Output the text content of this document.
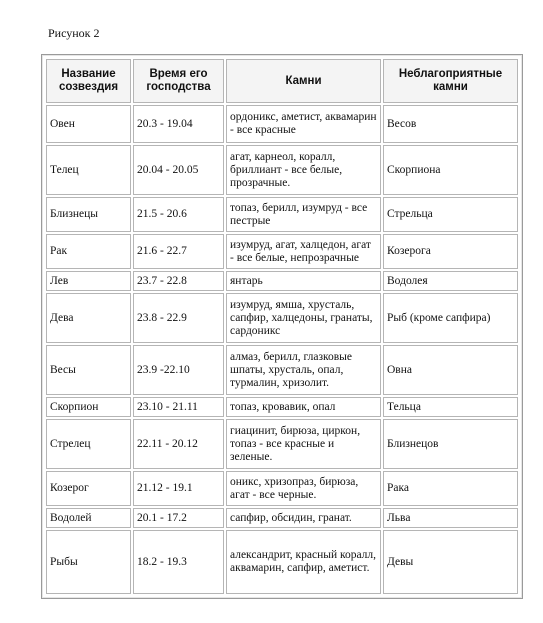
Рисунок 2
Название созвездия	Время его господства	Камни	Неблагоприятные камни
Овен	20.3 - 19.04	ордоникс, аметист, аквамарин - все красные	Весов
Телец	20.04 - 20.05	агат, карнеол, коралл, бриллиант - все белые, прозрачные.	Скорпиона
Близнецы	21.5 - 20.6	топаз, берилл, изумруд - все пестрые	Стрельца
Рак	21.6 - 22.7	изумруд, агат, халцедон, агат - все белые, непрозрачные	Козерога
Лев	23.7 - 22.8	янтарь	Водолея
Дева	23.8 - 22.9	изумруд, ямша, хрусталь, сапфир, халцедоны, гранаты, сардоникс	Рыб (кроме сапфира)
Весы	23.9 -22.10	алмаз, берилл, глазковые шпаты, хрусталь, опал, турмалин, хризолит.	Овна
Скорпион	23.10 - 21.11	топаз, кровавик, опал	Тельца
Стрелец	22.11 - 20.12	гиацинит, бирюза, циркон, топаз - все красные и зеленые.	Близнецов
Козерог	21.12 - 19.1	оникс, хризопраз, бирюза, агат - все черные.	Рака
Водолей	20.1 - 17.2	сапфир, обсидин, гранат.	Льва
Рыбы	18.2 - 19.3	александрит, красный коралл, аквамарин, сапфир, аметист.	Девы
